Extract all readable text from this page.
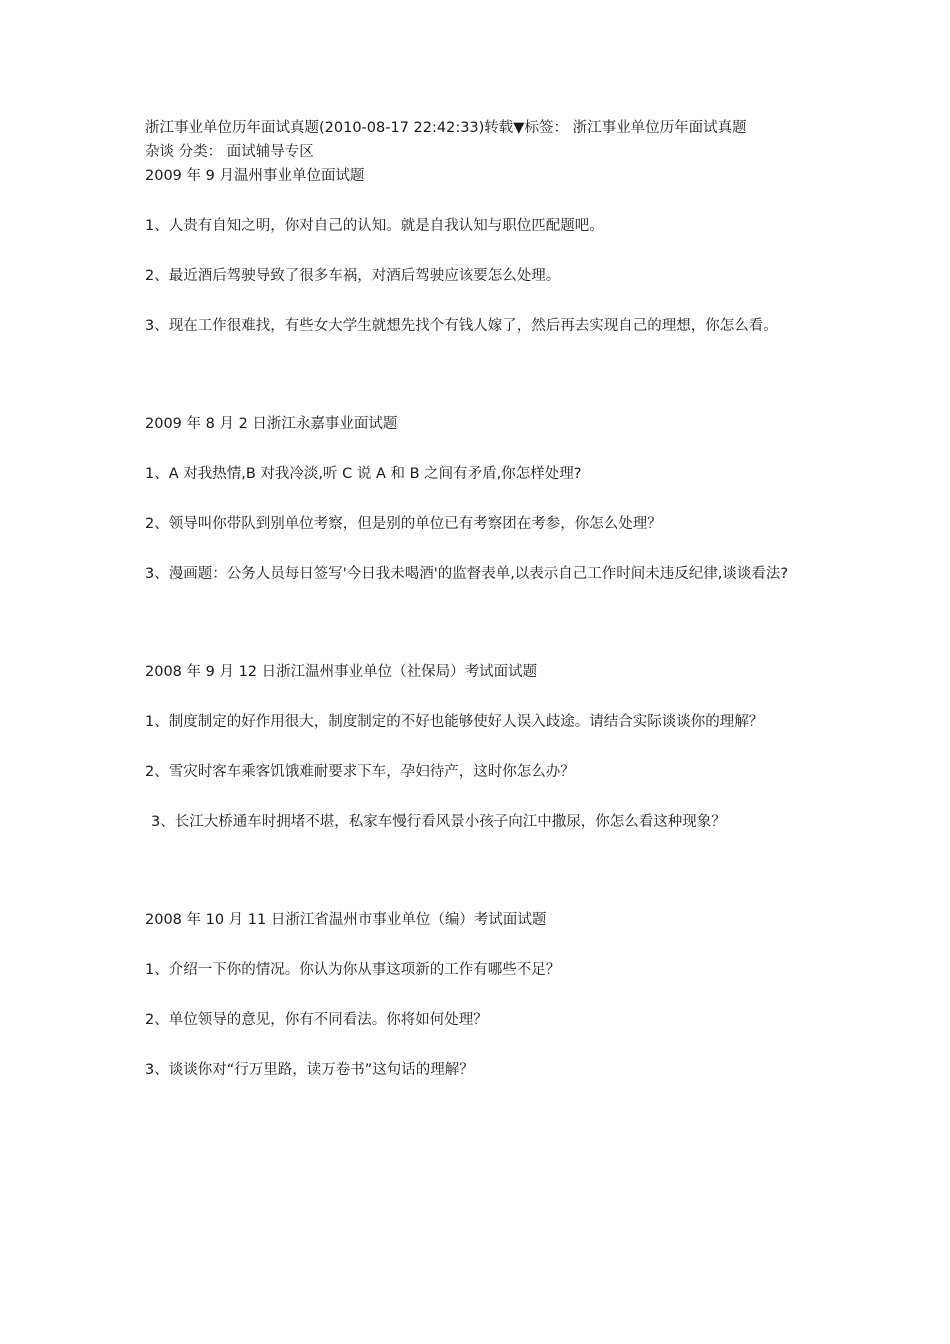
浙江事业单位历年面试真题(2010-08-17 22:42:33)转载▼标签： 浙江事业单位历年面试真题

杂谈 分类： 面试辅导专区

2009 年 9 月温州事业单位面试题

1、人贵有自知之明，你对自己的认知。就是自我认知与职位匹配题吧。

2、最近酒后驾驶导致了很多车祸，对酒后驾驶应该要怎么处理。

3、现在工作很难找，有些女大学生就想先找个有钱人嫁了，然后再去实现自己的理想，你怎么看。

2009 年 8 月 2 日浙江永嘉事业面试题

1、A 对我热情,B 对我冷淡,听 C 说 A 和 B 之间有矛盾,你怎样处理?

2、领导叫你带队到别单位考察，但是别的单位已有考察团在考参，你怎么处理？

3、漫画题：公务人员每日签写'今日我未喝酒'的监督表单,以表示自己工作时间未违反纪律,谈谈看法?

2008 年 9 月 12 日浙江温州事业单位（社保局）考试面试题

1、制度制定的好作用很大，制度制定的不好也能够使好人误入歧途。请结合实际谈谈你的理解？

2、雪灾时客车乘客饥饿难耐要求下车，孕妇待产，这时你怎么办？

3、长江大桥通车时拥堵不堪，私家车慢行看风景小孩子向江中撒尿，你怎么看这种现象？

2008 年 10 月 11 日浙江省温州市事业单位（编）考试面试题

1、介绍一下你的情况。你认为你从事这项新的工作有哪些不足？

2、单位领导的意见，你有不同看法。你将如何处理？

3、谈谈你对“行万里路，读万卷书”这句话的理解？
